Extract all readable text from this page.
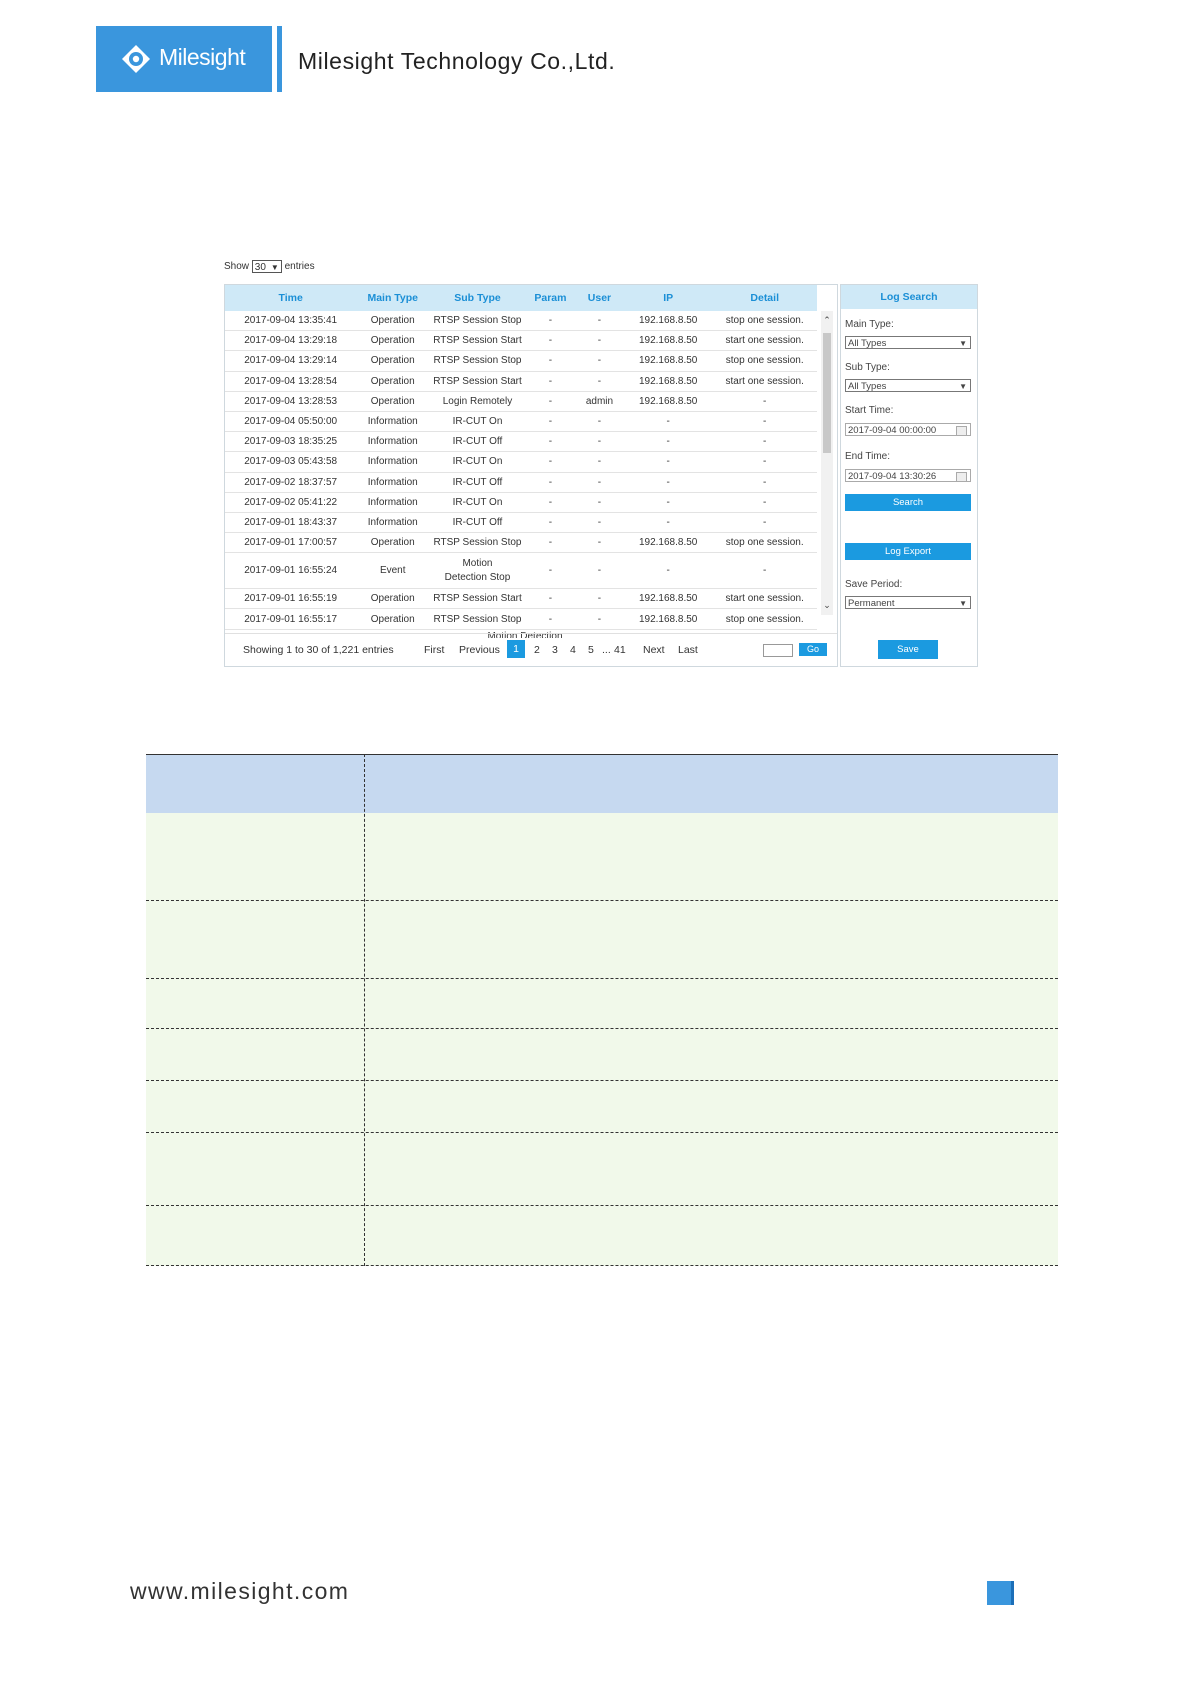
Milesight Milesight Technology Co.,Ltd.
Show 30 ▼ entries
Time	Main Type	Sub Type	Param	User	IP	Detail
2017-09-04 13:35:41	Operation	RTSP Session Stop	-	-	192.168.8.50	stop one session.
2017-09-04 13:29:18	Operation	RTSP Session Start	-	-	192.168.8.50	start one session.
2017-09-04 13:29:14	Operation	RTSP Session Stop	-	-	192.168.8.50	stop one session.
2017-09-04 13:28:54	Operation	RTSP Session Start	-	-	192.168.8.50	start one session.
2017-09-04 13:28:53	Operation	Login Remotely	-	admin	192.168.8.50	-
2017-09-04 05:50:00	Information	IR-CUT On	-	-	-	-
2017-09-03 18:35:25	Information	IR-CUT Off	-	-	-	-
2017-09-03 05:43:58	Information	IR-CUT On	-	-	-	-
2017-09-02 18:37:57	Information	IR-CUT Off	-	-	-	-
2017-09-02 05:41:22	Information	IR-CUT On	-	-	-	-
2017-09-01 18:43:37	Information	IR-CUT Off	-	-	-	-
2017-09-01 17:00:57	Operation	RTSP Session Stop	-	-	192.168.8.50	stop one session.
2017-09-01 16:55:24	Event	Motion Detection Stop	-	-	-	-
2017-09-01 16:55:19	Operation	RTSP Session Start	-	-	192.168.8.50	start one session.
2017-09-01 16:55:17	Operation	RTSP Session Stop	-	-	192.168.8.50	stop one session.
⌃
⌄
Motion Detection
Showing 1 to 30 of 1,221 entries	First Previous	1	2 3 4 5 ... 41 Next Last	Go
Log Search
Main Type:
All Types	▼
Sub Type:
All Types	▼
Start Time:
2017-09-04 00:00:00
End Time:
2017-09-04 13:30:26
Search
Log Export
Save Period:
Permanent	▼
Save
www.milesight.com
